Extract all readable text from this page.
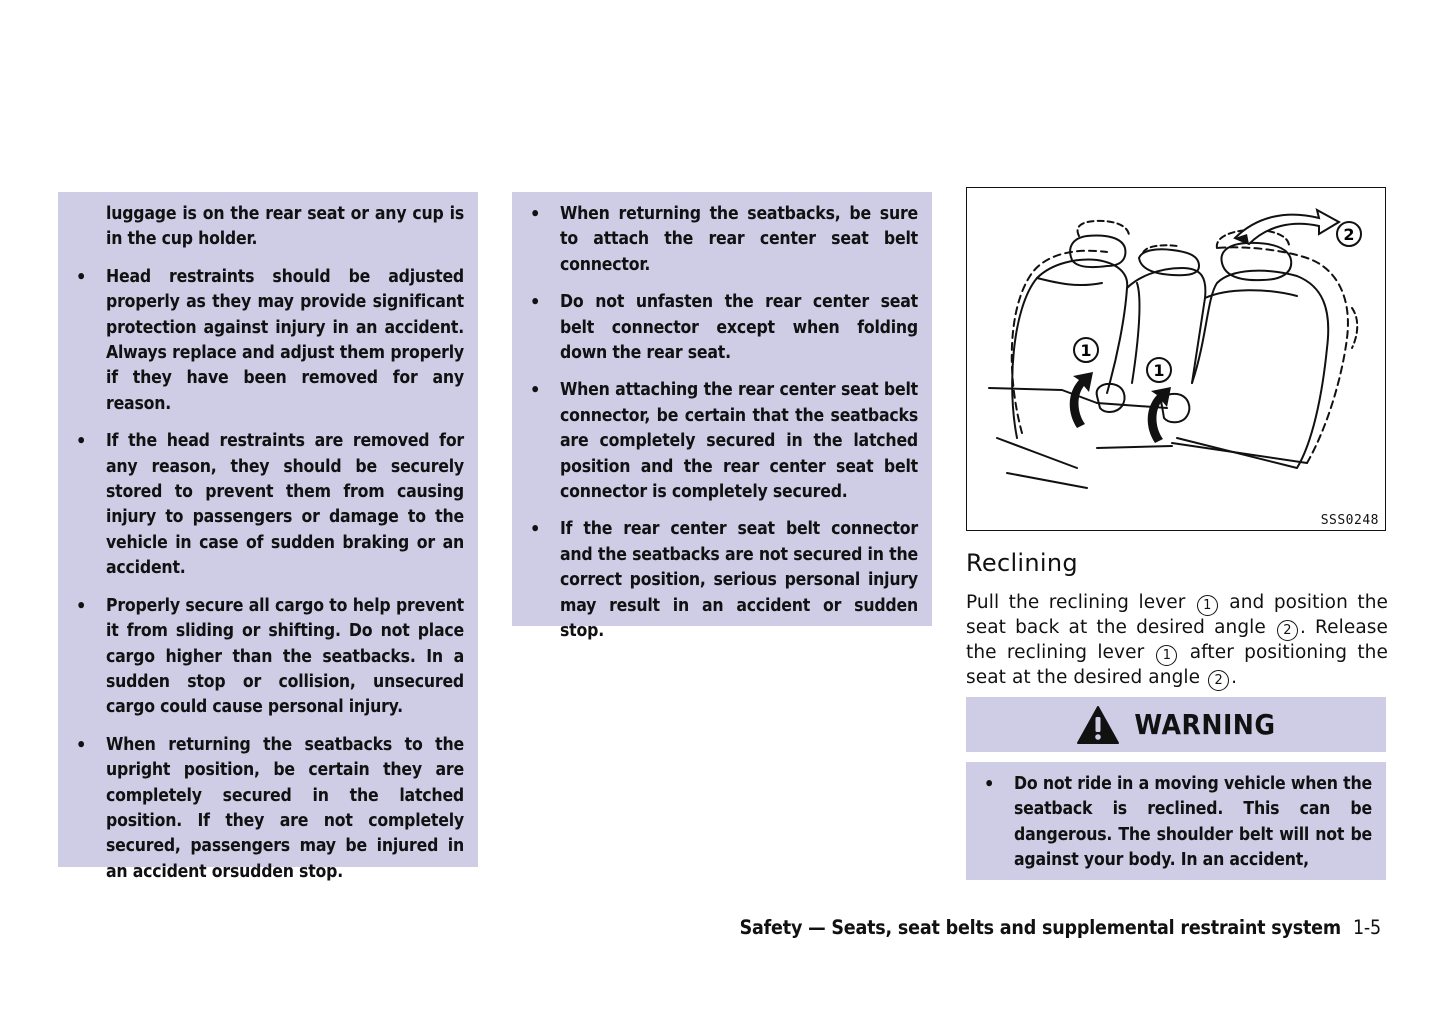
luggage is on the rear seat or any cup is in the cup holder.

• Head restraints should be adjusted properly as they may provide significant protection against injury in an accident. Always replace and adjust them properly if they have been removed for any reason.

• If the head restraints are removed for any reason, they should be securely stored to prevent them from causing injury to passengers or damage to the vehicle in case of sudden braking or an accident.

• Properly secure all cargo to help prevent it from sliding or shifting. Do not place cargo higher than the seatbacks. In a sudden stop or collision, unsecured cargo could cause personal injury.

• When returning the seatbacks to the upright position, be certain they are completely secured in the latched position. If they are not completely secured, passengers may be injured in an accident orsudden stop.

• When returning the seatbacks, be sure to attach the rear center seat belt connector.

• Do not unfasten the rear center seat belt connector except when folding down the rear seat.

• When attaching the rear center seat belt connector, be certain that the seatbacks are completely secured in the latched position and the rear center seat belt connector is completely secured.

• If the rear center seat belt connector and the seatbacks are not secured in the correct position, serious personal injury may result in an accident or sudden stop.

1
1
2
SSS0248
Reclining
Pull the reclining lever 1 and position the seat back at the desired angle 2 . Release the reclining lever 1 after positioning the seat at the desired angle 2 .
WARNING

• Do not ride in a moving vehicle when the seatback is reclined. This can be dangerous. The shoulder belt will not be against your body. In an accident,

Safety — Seats, seat belts and supplemental restraint system 1-5
